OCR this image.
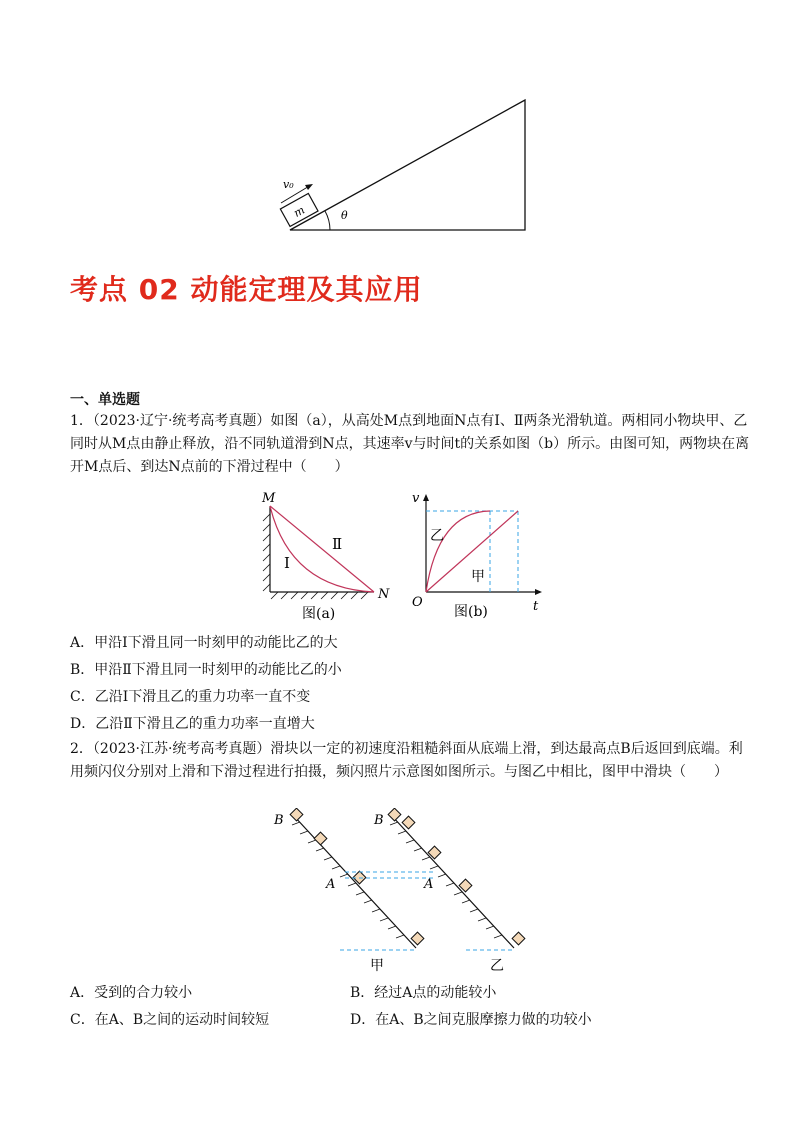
m
v₀
θ
考点 02 动能定理及其应用
一、单选题
1．（2023·辽宁·统考高考真题）如图（a），从高处M点到地面N点有Ⅰ、Ⅱ两条光滑轨道。两相同小物块甲、乙同时从M点由静止释放，沿不同轨道滑到N点，其速率v与时间t的关系如图（b）所示。由图可知，两物块在离开M点后、到达N点前的下滑过程中（　　）
M
N
Ⅰ
Ⅱ
图(a)
v
t
O
乙
甲
图(b)
A．甲沿Ⅰ下滑且同一时刻甲的动能比乙的大
B．甲沿Ⅱ下滑且同一时刻甲的动能比乙的小
C．乙沿Ⅰ下滑且乙的重力功率一直不变
D．乙沿Ⅱ下滑且乙的重力功率一直增大
2．（2023·江苏·统考高考真题）滑块以一定的初速度沿粗糙斜面从底端上滑，到达最高点B后返回到底端。利用频闪仪分别对上滑和下滑过程进行拍摄，频闪照片示意图如图所示。与图乙中相比，图甲中滑块（　　）
B
A
B
A
甲	乙
A．受到的合力较小	B．经过A点的动能较小
C．在A、B之间的运动时间较短	D．在A、B之间克服摩擦力做的功较小
